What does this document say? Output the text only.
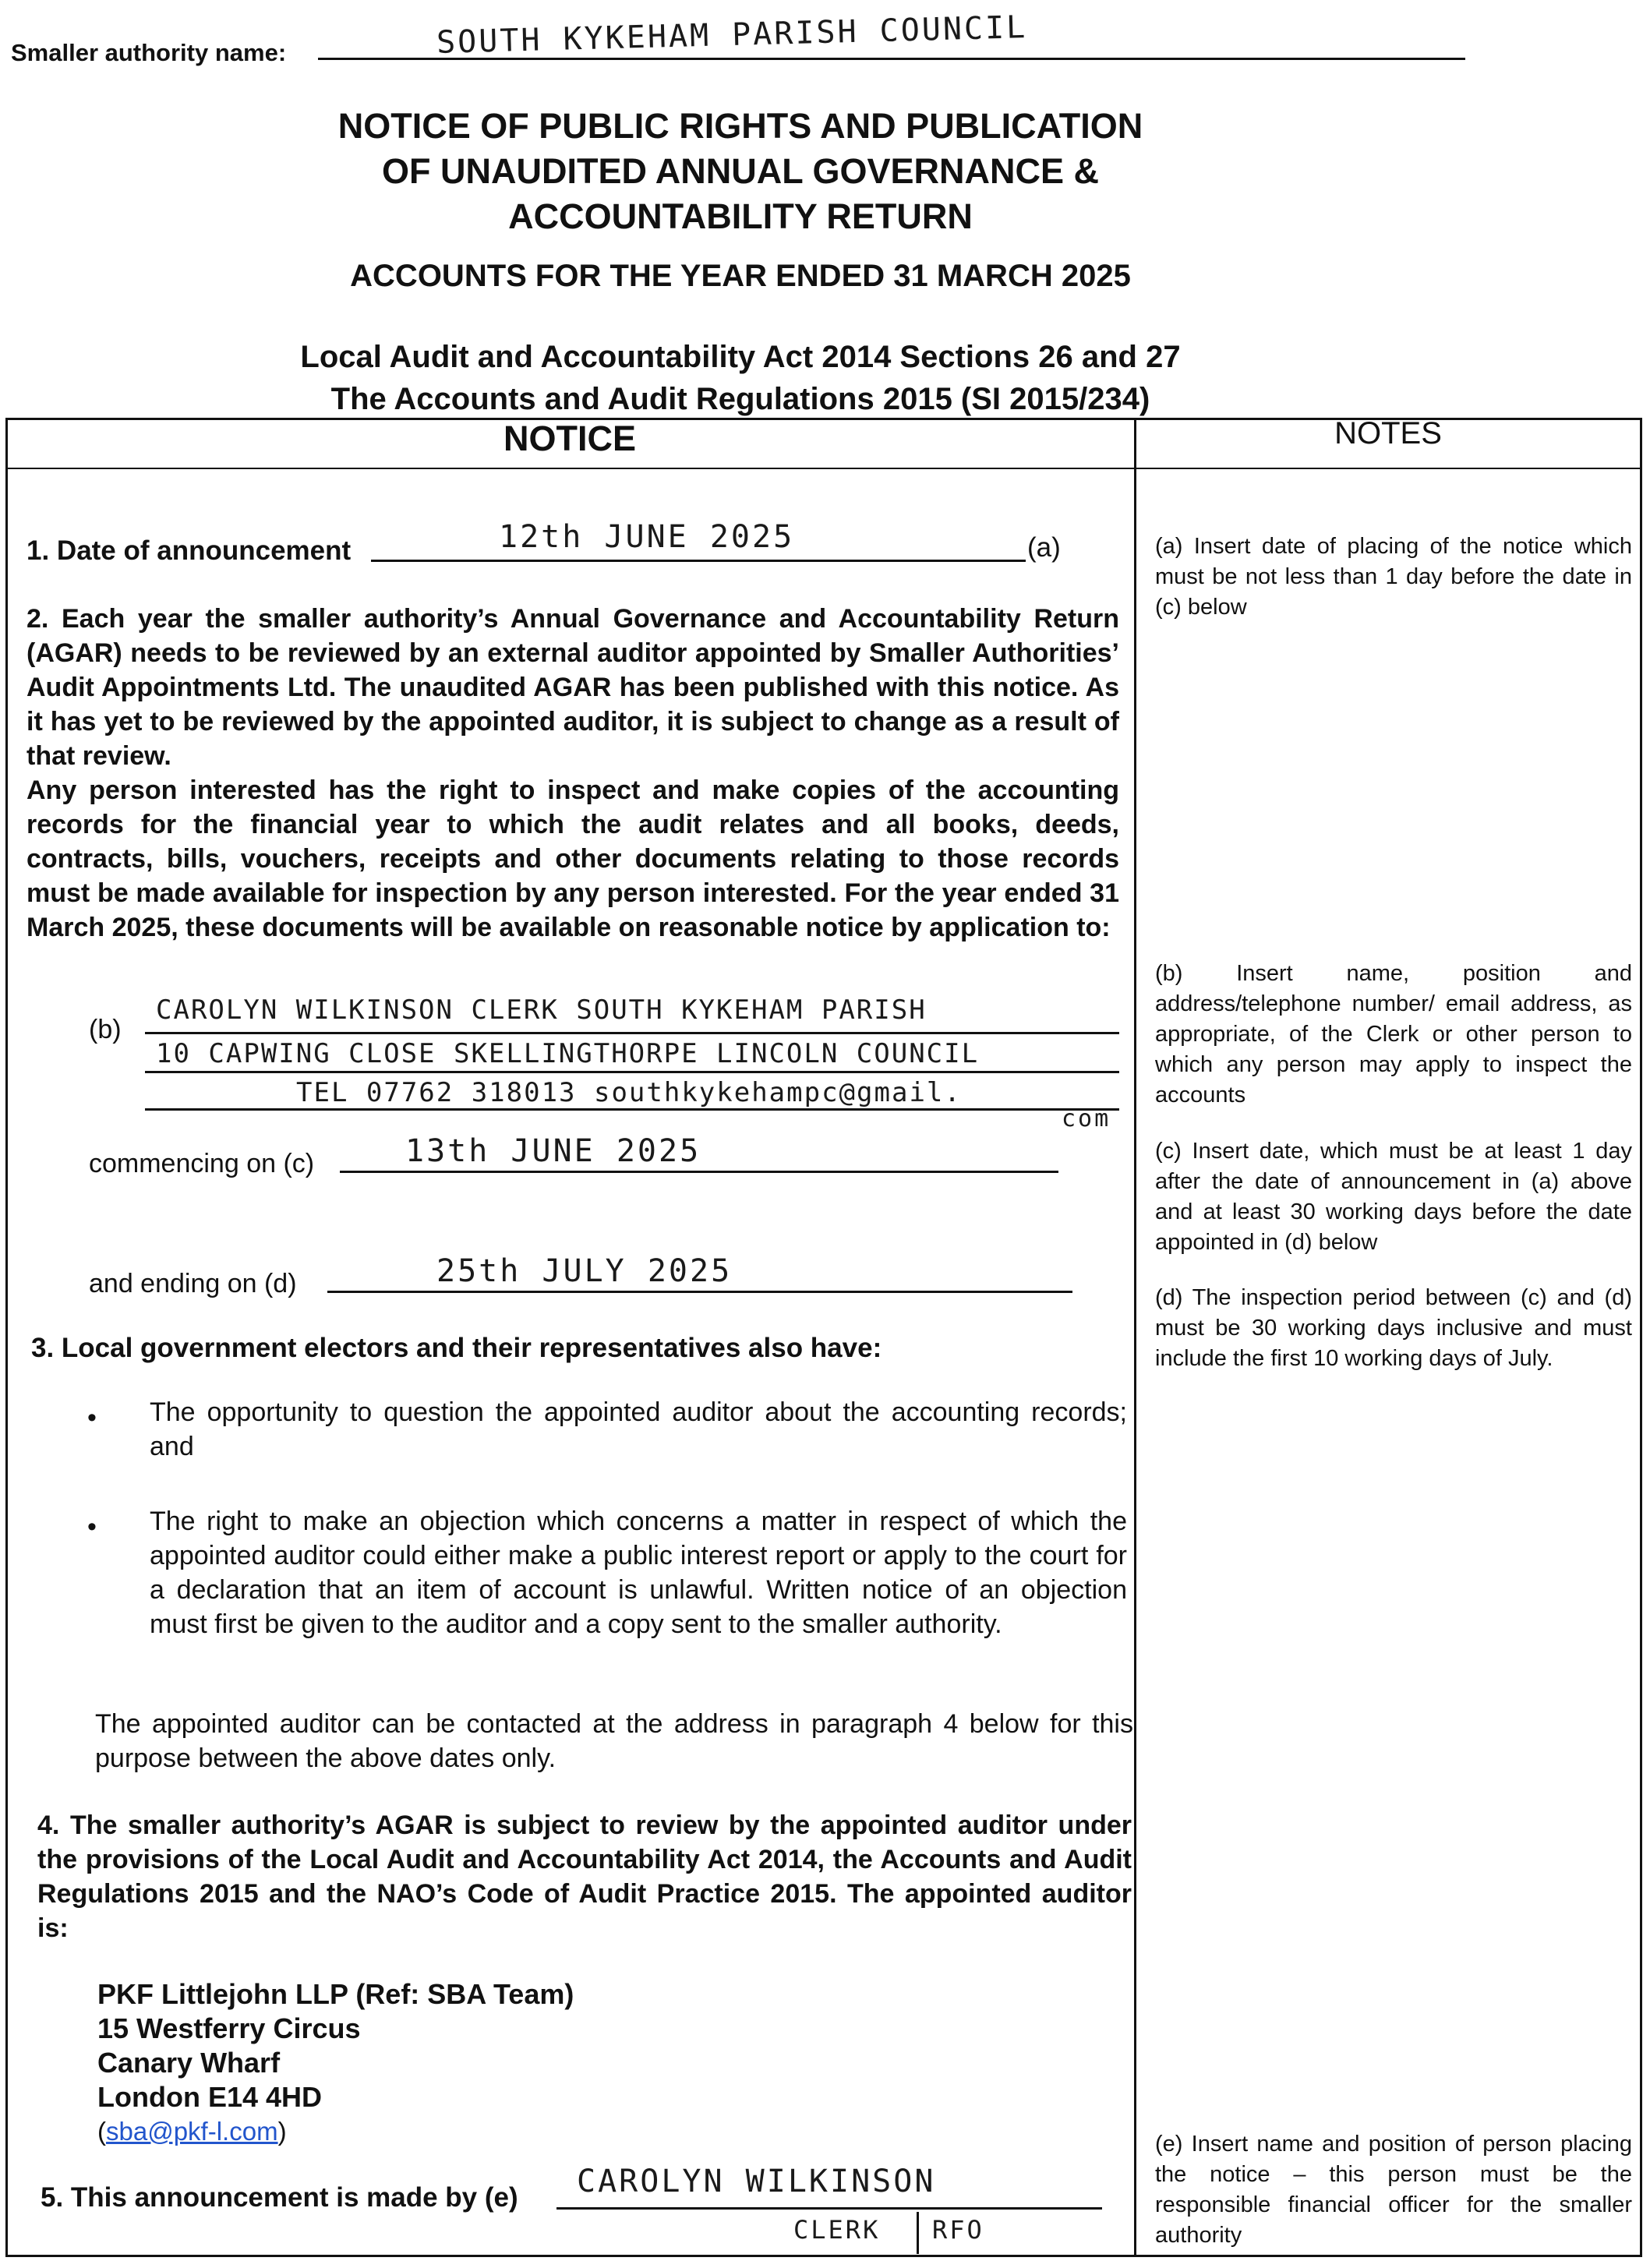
Smaller authority name:	SOUTH KYKEHAM PARISH COUNCIL
NOTICE OF PUBLIC RIGHTS AND PUBLICATION
OF UNAUDITED ANNUAL GOVERNANCE &
ACCOUNTABILITY RETURN
ACCOUNTS FOR THE YEAR ENDED 31 MARCH 2025
Local Audit and Accountability Act 2014 Sections 26 and 27
The Accounts and Audit Regulations 2015 (SI 2015/234)
NOTICE	NOTES
1. Date of announcement	12th JUNE 2025	(a)

2. Each year the smaller authority’s Annual Governance and Accountability Return (AGAR) needs to be reviewed by an external auditor appointed by Smaller Authorities’ Audit Appointments Ltd. The unaudited AGAR has been published with this notice. As it has yet to be reviewed by the appointed auditor, it is subject to change as a result of that review.

Any person interested has the right to inspect and make copies of the accounting records for the financial year to which the audit relates and all books, deeds, contracts, bills, vouchers, receipts and other documents relating to those records must be made available for inspection by any person interested. For the year ended 31 March 2025, these documents will be available on reasonable notice by application to:

(b)
CAROLYN WILKINSON CLERK SOUTH KYKEHAM PARISH
10 CAPWING CLOSE SKELLINGTHORPE LINCOLN COUNCIL
TEL 07762 318013 southkykehampc@gmail.
com
commencing on (c)	13th JUNE 2025
and ending on (d)	25th JULY 2025
3. Local government electors and their representatives also have:
• The opportunity to question the appointed auditor about the accounting records; and
• The right to make an objection which concerns a matter in respect of which the appointed auditor could either make a public interest report or apply to the court for a declaration that an item of account is unlawful. Written notice of an objection must first be given to the auditor and a copy sent to the smaller authority.
The appointed auditor can be contacted at the address in paragraph 4 below for this purpose between the above dates only.
4. The smaller authority’s AGAR is subject to review by the appointed auditor under the provisions of the Local Audit and Accountability Act 2014, the Accounts and Audit Regulations 2015 and the NAO’s Code of Audit Practice 2015. The appointed auditor is:
PKF Littlejohn LLP (Ref: SBA Team)
15 Westferry Circus
Canary Wharf
London E14 4HD
(sba@pkf-l.com)
5. This announcement is made by (e) CAROLYN WILKINSON
CLERK RFO
(a) Insert date of placing of the notice which must be not less than 1 day before the date in (c) below
(b) Insert name, position and address/telephone number/ email address, as appropriate, of the Clerk or other person to which any person may apply to inspect the accounts
(c) Insert date, which must be at least 1 day after the date of announcement in (a) above and at least 30 working days before the date appointed in (d) below
(d) The inspection period between (c) and (d) must be 30 working days inclusive and must include the first 10 working days of July.
(e) Insert name and position of person placing the notice – this person must be the responsible financial officer for the smaller authority
